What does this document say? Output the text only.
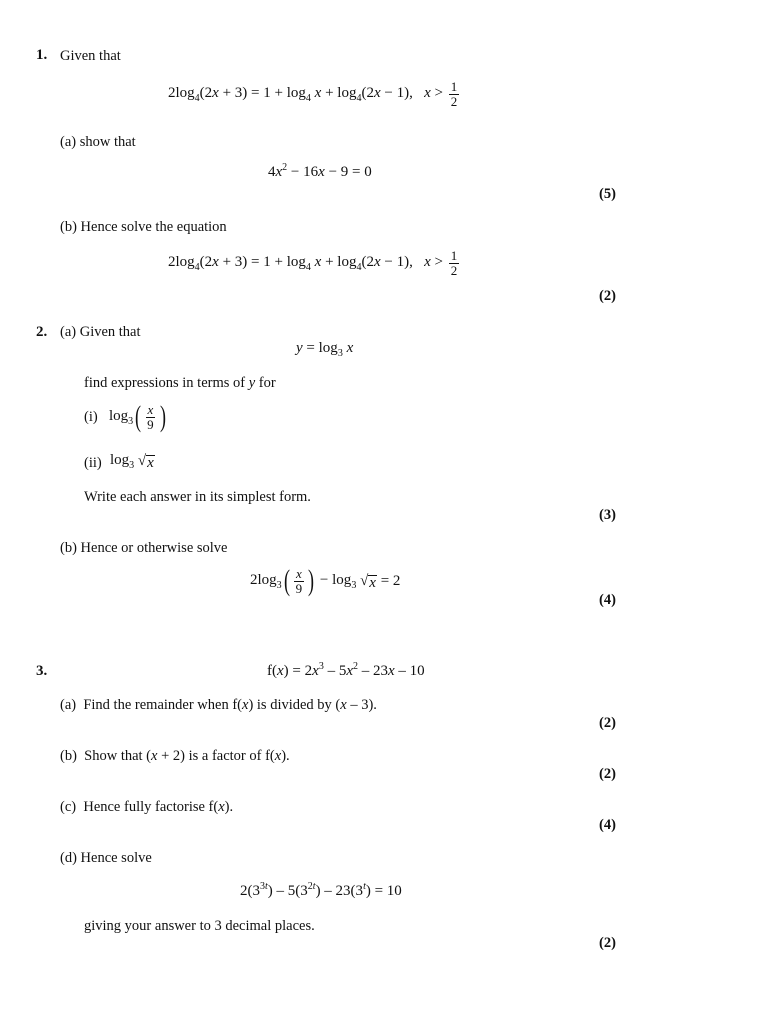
1. Given that
$2\log_4(2x + 3) = 1 + \log_4 x + \log_4(2x - 1)$,   $x > \frac{1}{2}$
(a) show that
$4x^2 - 16x - 9 = 0$
(5)
(b) Hence solve the equation
$2\log_4(2x + 3) = 1 + \log_4 x + \log_4(2x - 1)$,   $x > \frac{1}{2}$
(2)
2. (a) Given that
$y = \log_3 x$
find expressions in terms of y for
(i) $\log_3$ ( $\frac{x}{9}$ )
(ii) $\log_3$ √ x
Write each answer in its simplest form.
(3)
(b) Hence or otherwise solve
$2\log_3$ ( $\frac{x}{9}$ ) − $\log_3$ √ x
= 2
(4)
3.	$f(x) = 2x^3 - 5x^2 - 23x - 10$
(a)  Find the remainder when f(x) is divided by (x – 3).
(2)
(b)  Show that (x + 2) is a factor of f(x).
(2)
(c)  Hence fully factorise f(x).
(4)
(d) Hence solve
$2(3^{3t}) - 5(3^{2t}) - 23(3^t) = 10$
giving your answer to 3 decimal places.
(2)
